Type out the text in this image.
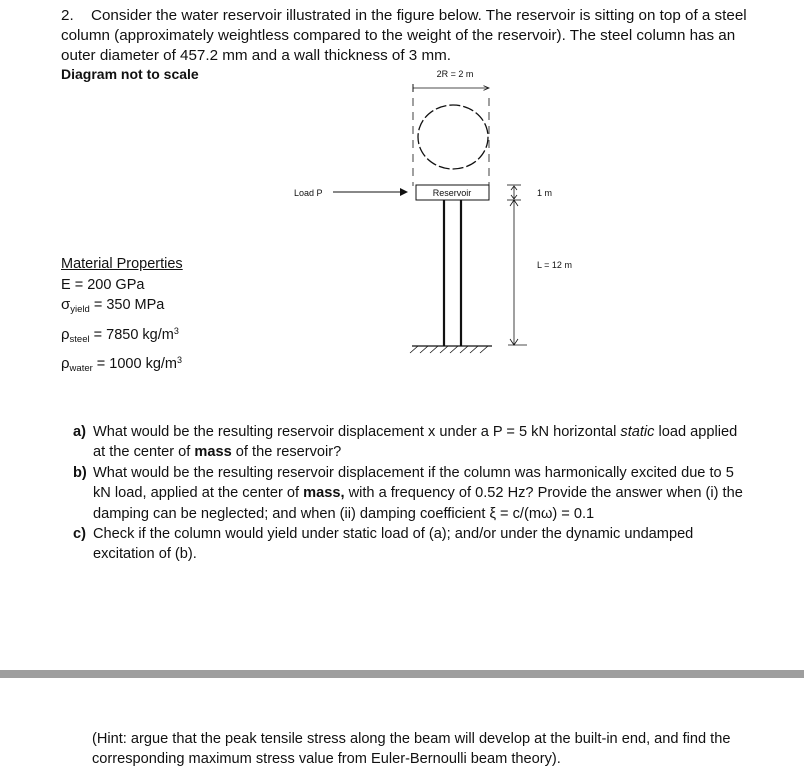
2. Consider the water reservoir illustrated in the figure below. The reservoir is sitting on top of a steel column (approximately weightless compared to the weight of the reservoir). The steel column has an outer diameter of 457.2 mm and a wall thickness of 3 mm.
Diagram not to scale	2R = 2 m
Load P	Reservoir	1 m
L = 12 m
Material Properties
E = 200 GPa
$\sigma_{yield} = 350$ MPa
$\rho_{steel} = 7850$ $kg/m^3$
$\rho_{water} = 1000$ $kg/m^3$
a) What would be the resulting reservoir displacement x under a P = 5 kN horizontal static load applied at the center of mass of the reservoir?
b) What would be the resulting reservoir displacement if the column was harmonically excited due to 5 kN load, applied at the center of mass, with a frequency of 0.52 Hz? Provide the answer when (i) the damping can be neglected; and when (ii) damping coefficient ξ = c/(mω) = 0.1
c) Check if the column would yield under static load of (a); and/or under the dynamic undamped excitation of (b).
(Hint: argue that the peak tensile stress along the beam will develop at the built-in end, and find the corresponding maximum stress value from Euler-Bernoulli beam theory).
